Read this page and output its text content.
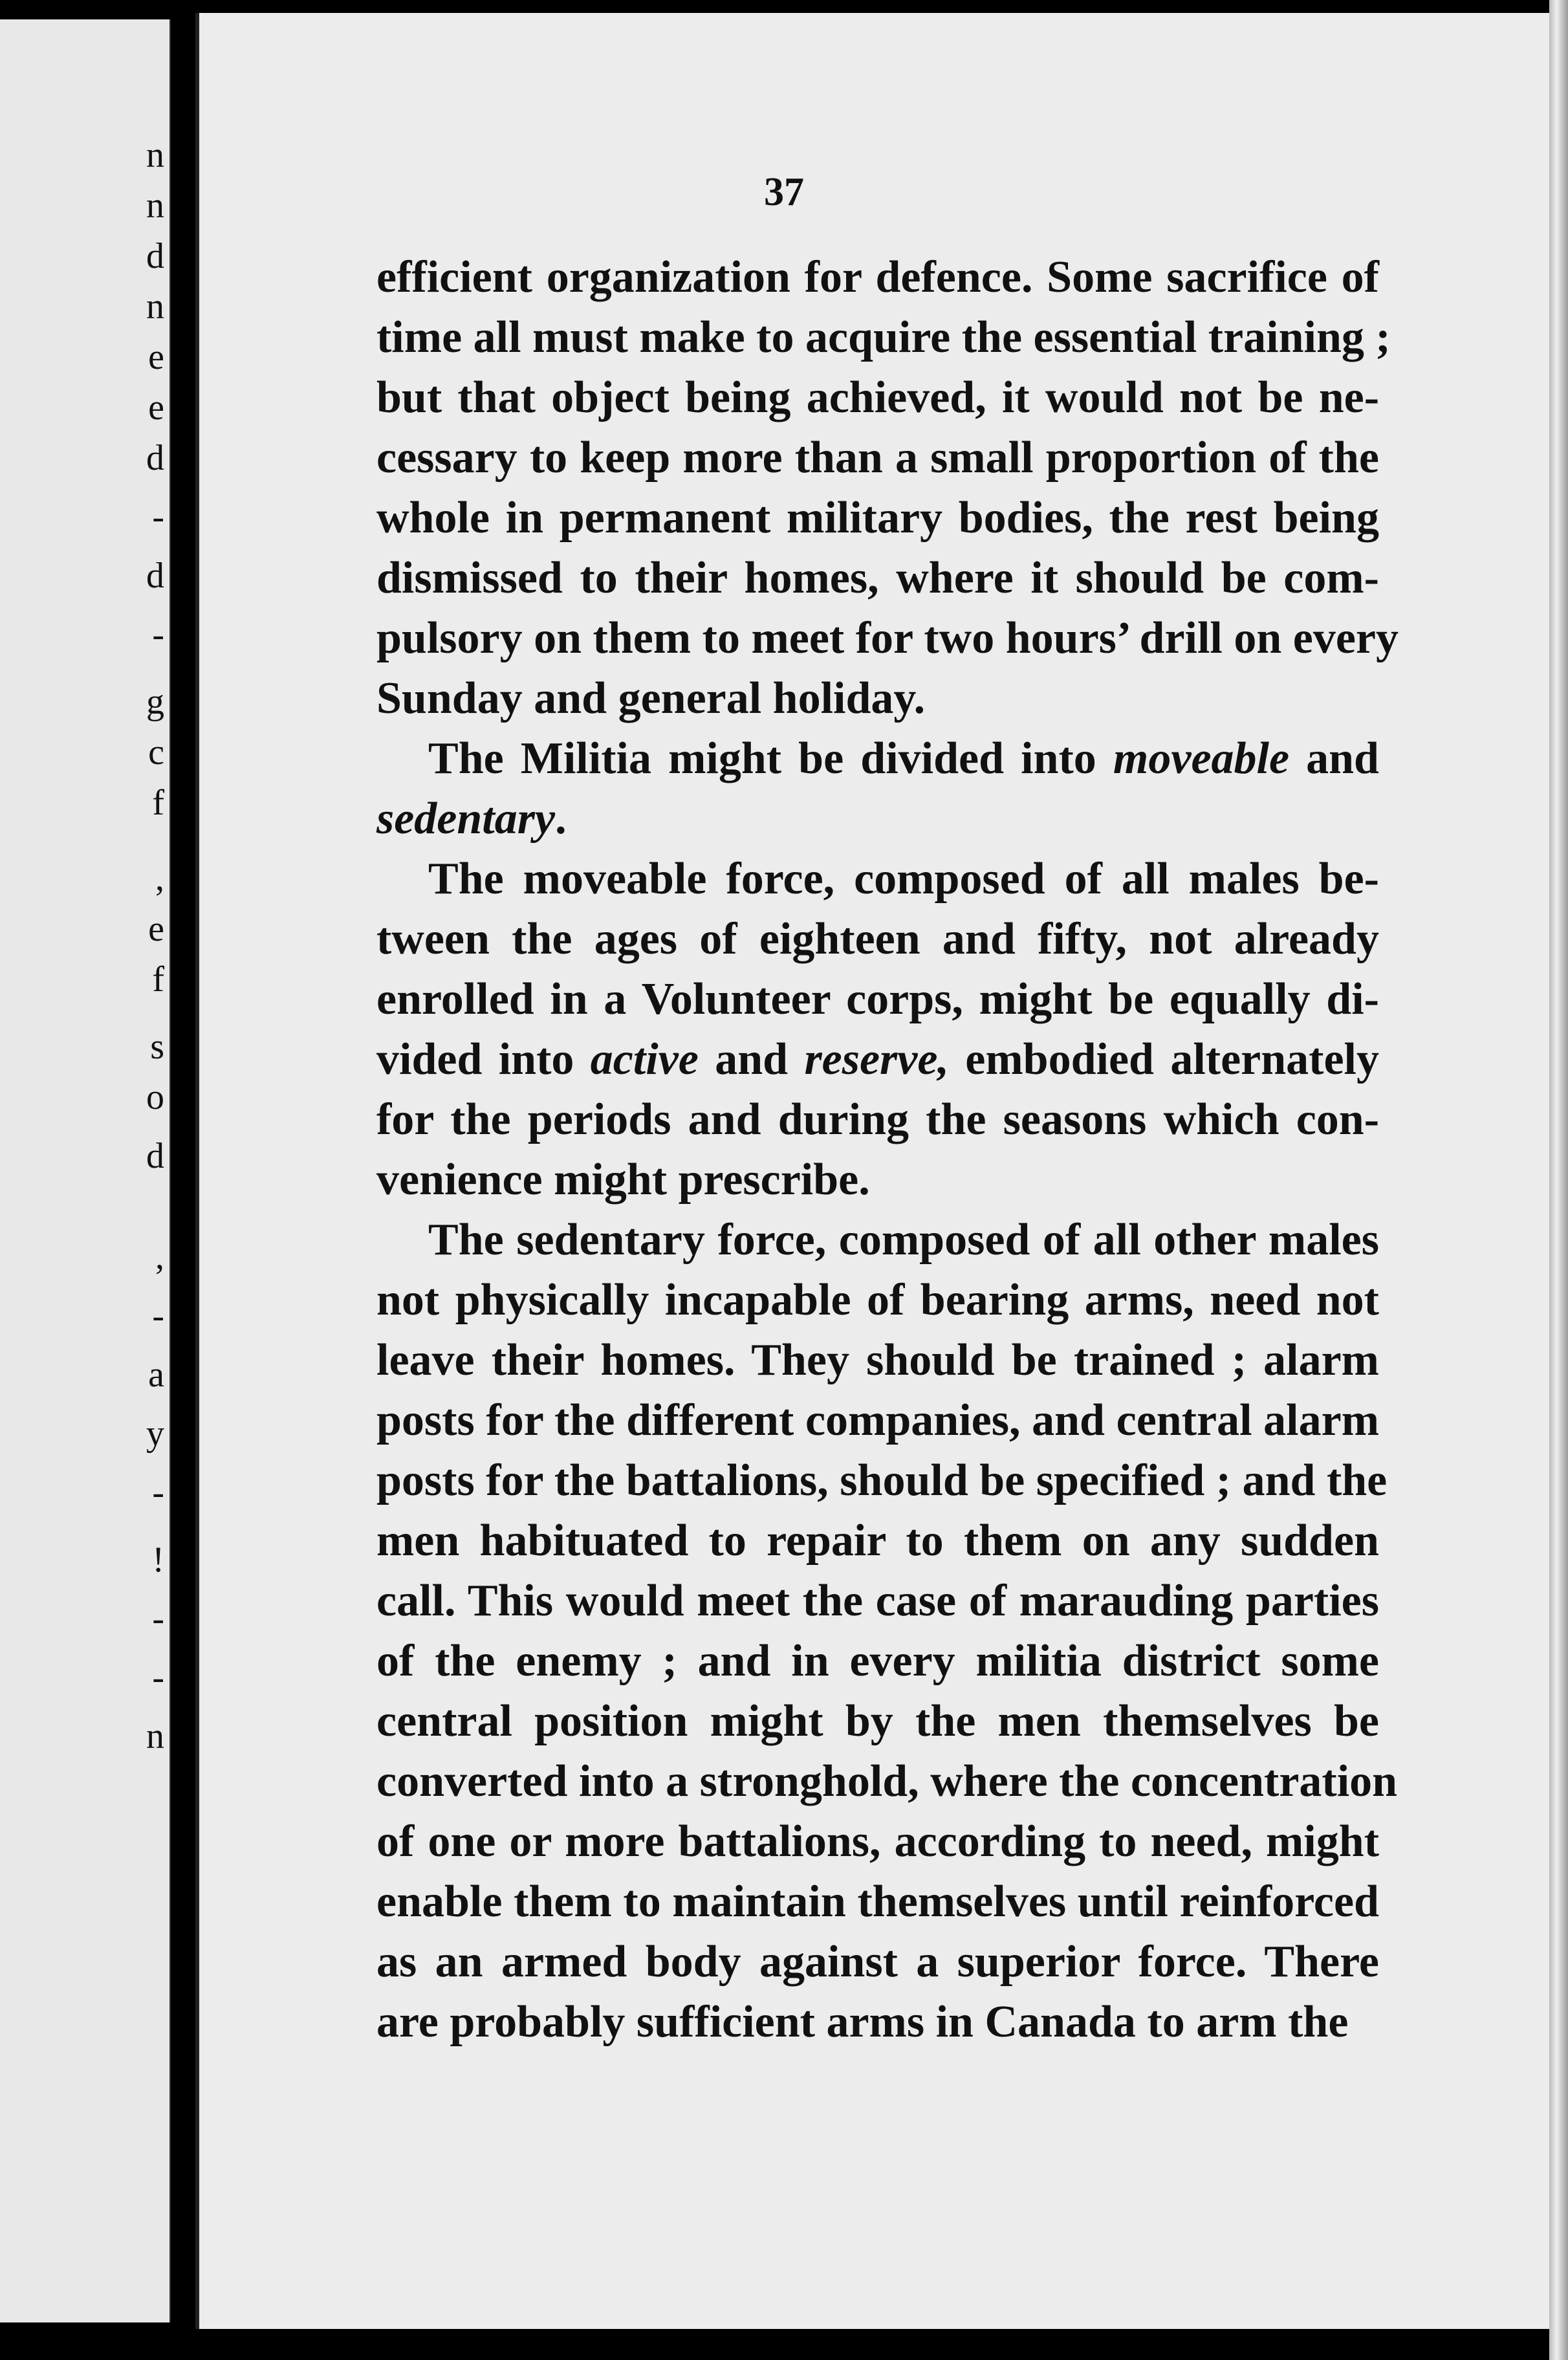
n
n
d
n
e
e
d
-
d
-
g
c
f
,
e
f
s
o
d
,
-
a
y
-
!
-
-
n
37
efficient organization for defence. Some sacrifice of
time all must make to acquire the essential training ;
but that object being achieved, it would not be ne-
cessary to keep more than a small proportion of the
whole in permanent military bodies, the rest being
dismissed to their homes, where it should be com-
pulsory on them to meet for two hours’ drill on every
Sunday and general holiday.
The Militia might be divided into moveable and
sedentary.
The moveable force, composed of all males be-
tween the ages of eighteen and fifty, not already
enrolled in a Volunteer corps, might be equally di-
vided into active and reserve, embodied alternately
for the periods and during the seasons which con-
venience might prescribe.
The sedentary force, composed of all other males
not physically incapable of bearing arms, need not
leave their homes. They should be trained ; alarm
posts for the different companies, and central alarm
posts for the battalions, should be specified ; and the
men habituated to repair to them on any sudden
call. This would meet the case of marauding parties
of the enemy ; and in every militia district some
central position might by the men themselves be
converted into a stronghold, where the concentration
of one or more battalions, according to need, might
enable them to maintain themselves until reinforced
as an armed body against a superior force. There
are probably sufficient arms in Canada to arm the
